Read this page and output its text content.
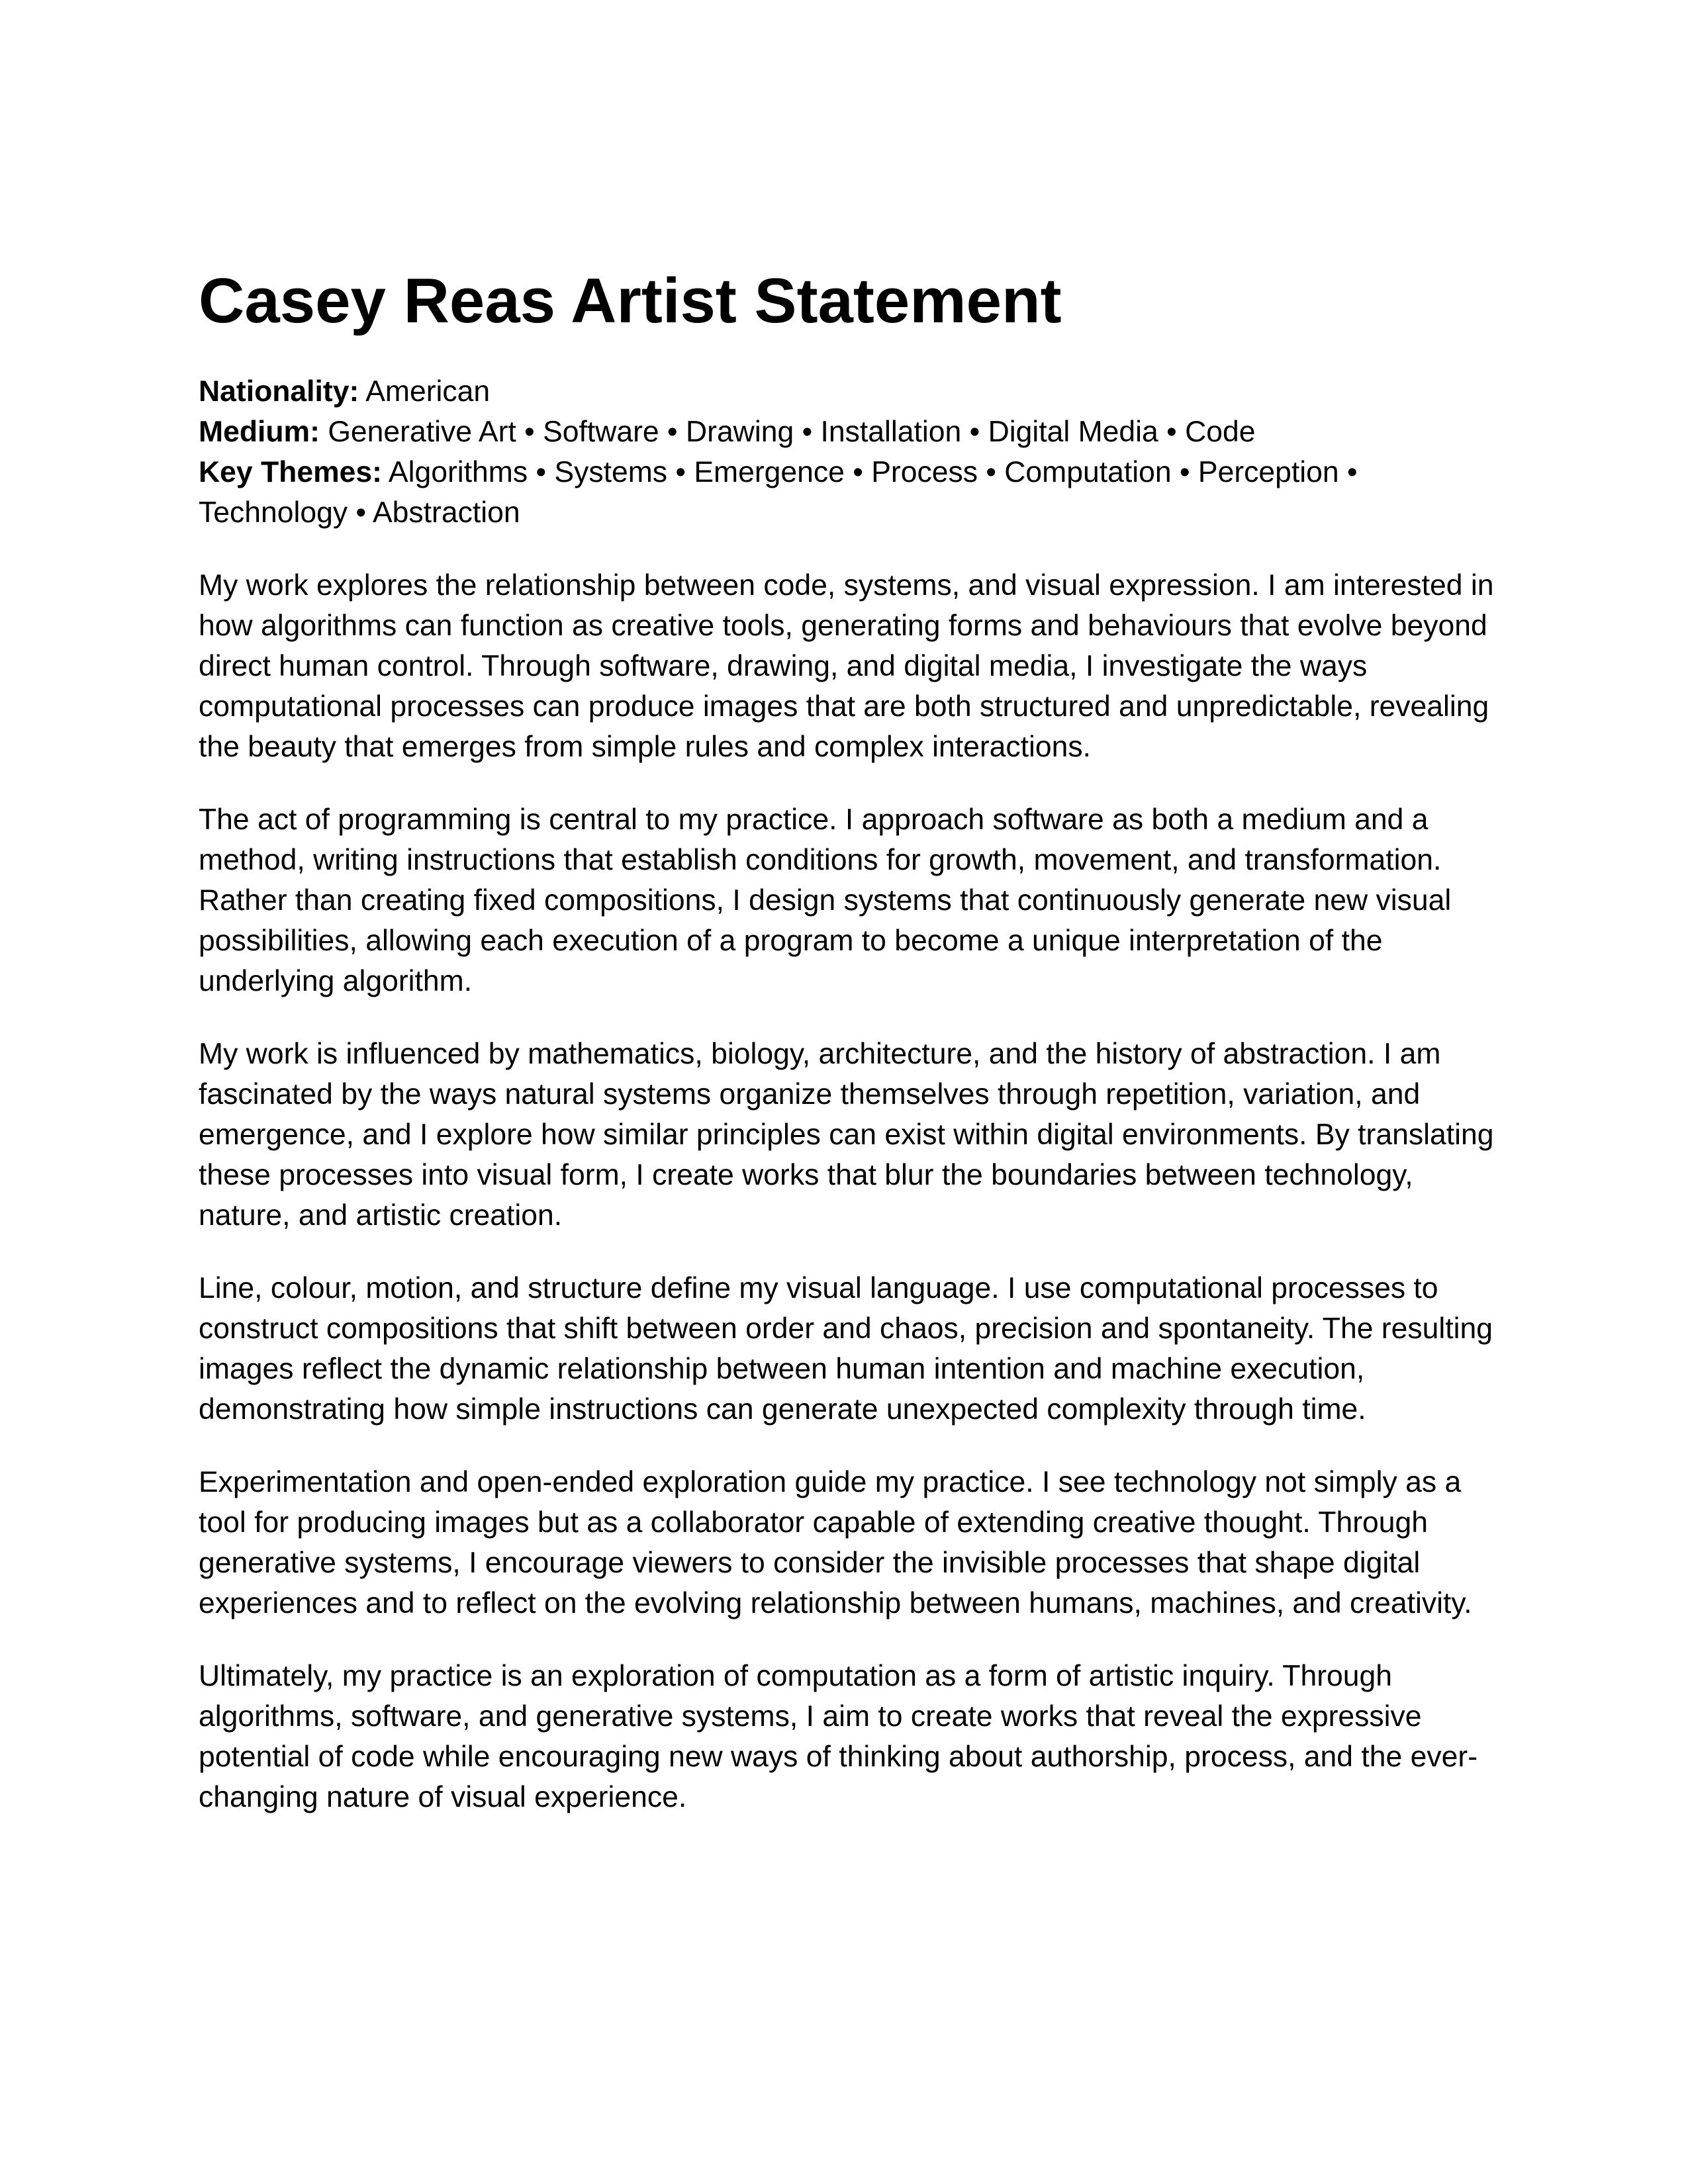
Casey Reas Artist Statement
Nationality: American
Medium: Generative Art • Software • Drawing • Installation • Digital Media • Code
Key Themes: Algorithms • Systems • Emergence • Process • Computation • Perception • Technology • Abstraction

My work explores the relationship between code, systems, and visual expression. I am interested in how algorithms can function as creative tools, generating forms and behaviours that evolve beyond direct human control. Through software, drawing, and digital media, I investigate the ways computational processes can produce images that are both structured and unpredictable, revealing the beauty that emerges from simple rules and complex interactions.

The act of programming is central to my practice. I approach software as both a medium and a method, writing instructions that establish conditions for growth, movement, and transformation. Rather than creating fixed compositions, I design systems that continuously generate new visual possibilities, allowing each execution of a program to become a unique interpretation of the underlying algorithm.

My work is influenced by mathematics, biology, architecture, and the history of abstraction. I am fascinated by the ways natural systems organize themselves through repetition, variation, and emergence, and I explore how similar principles can exist within digital environments. By translating these processes into visual form, I create works that blur the boundaries between technology, nature, and artistic creation.

Line, colour, motion, and structure define my visual language. I use computational processes to construct compositions that shift between order and chaos, precision and spontaneity. The resulting images reflect the dynamic relationship between human intention and machine execution, demonstrating how simple instructions can generate unexpected complexity through time.

Experimentation and open-ended exploration guide my practice. I see technology not simply as a tool for producing images but as a collaborator capable of extending creative thought. Through generative systems, I encourage viewers to consider the invisible processes that shape digital experiences and to reflect on the evolving relationship between humans, machines, and creativity.

Ultimately, my practice is an exploration of computation as a form of artistic inquiry. Through algorithms, software, and generative systems, I aim to create works that reveal the expressive potential of code while encouraging new ways of thinking about authorship, process, and the ever-changing nature of visual experience.
